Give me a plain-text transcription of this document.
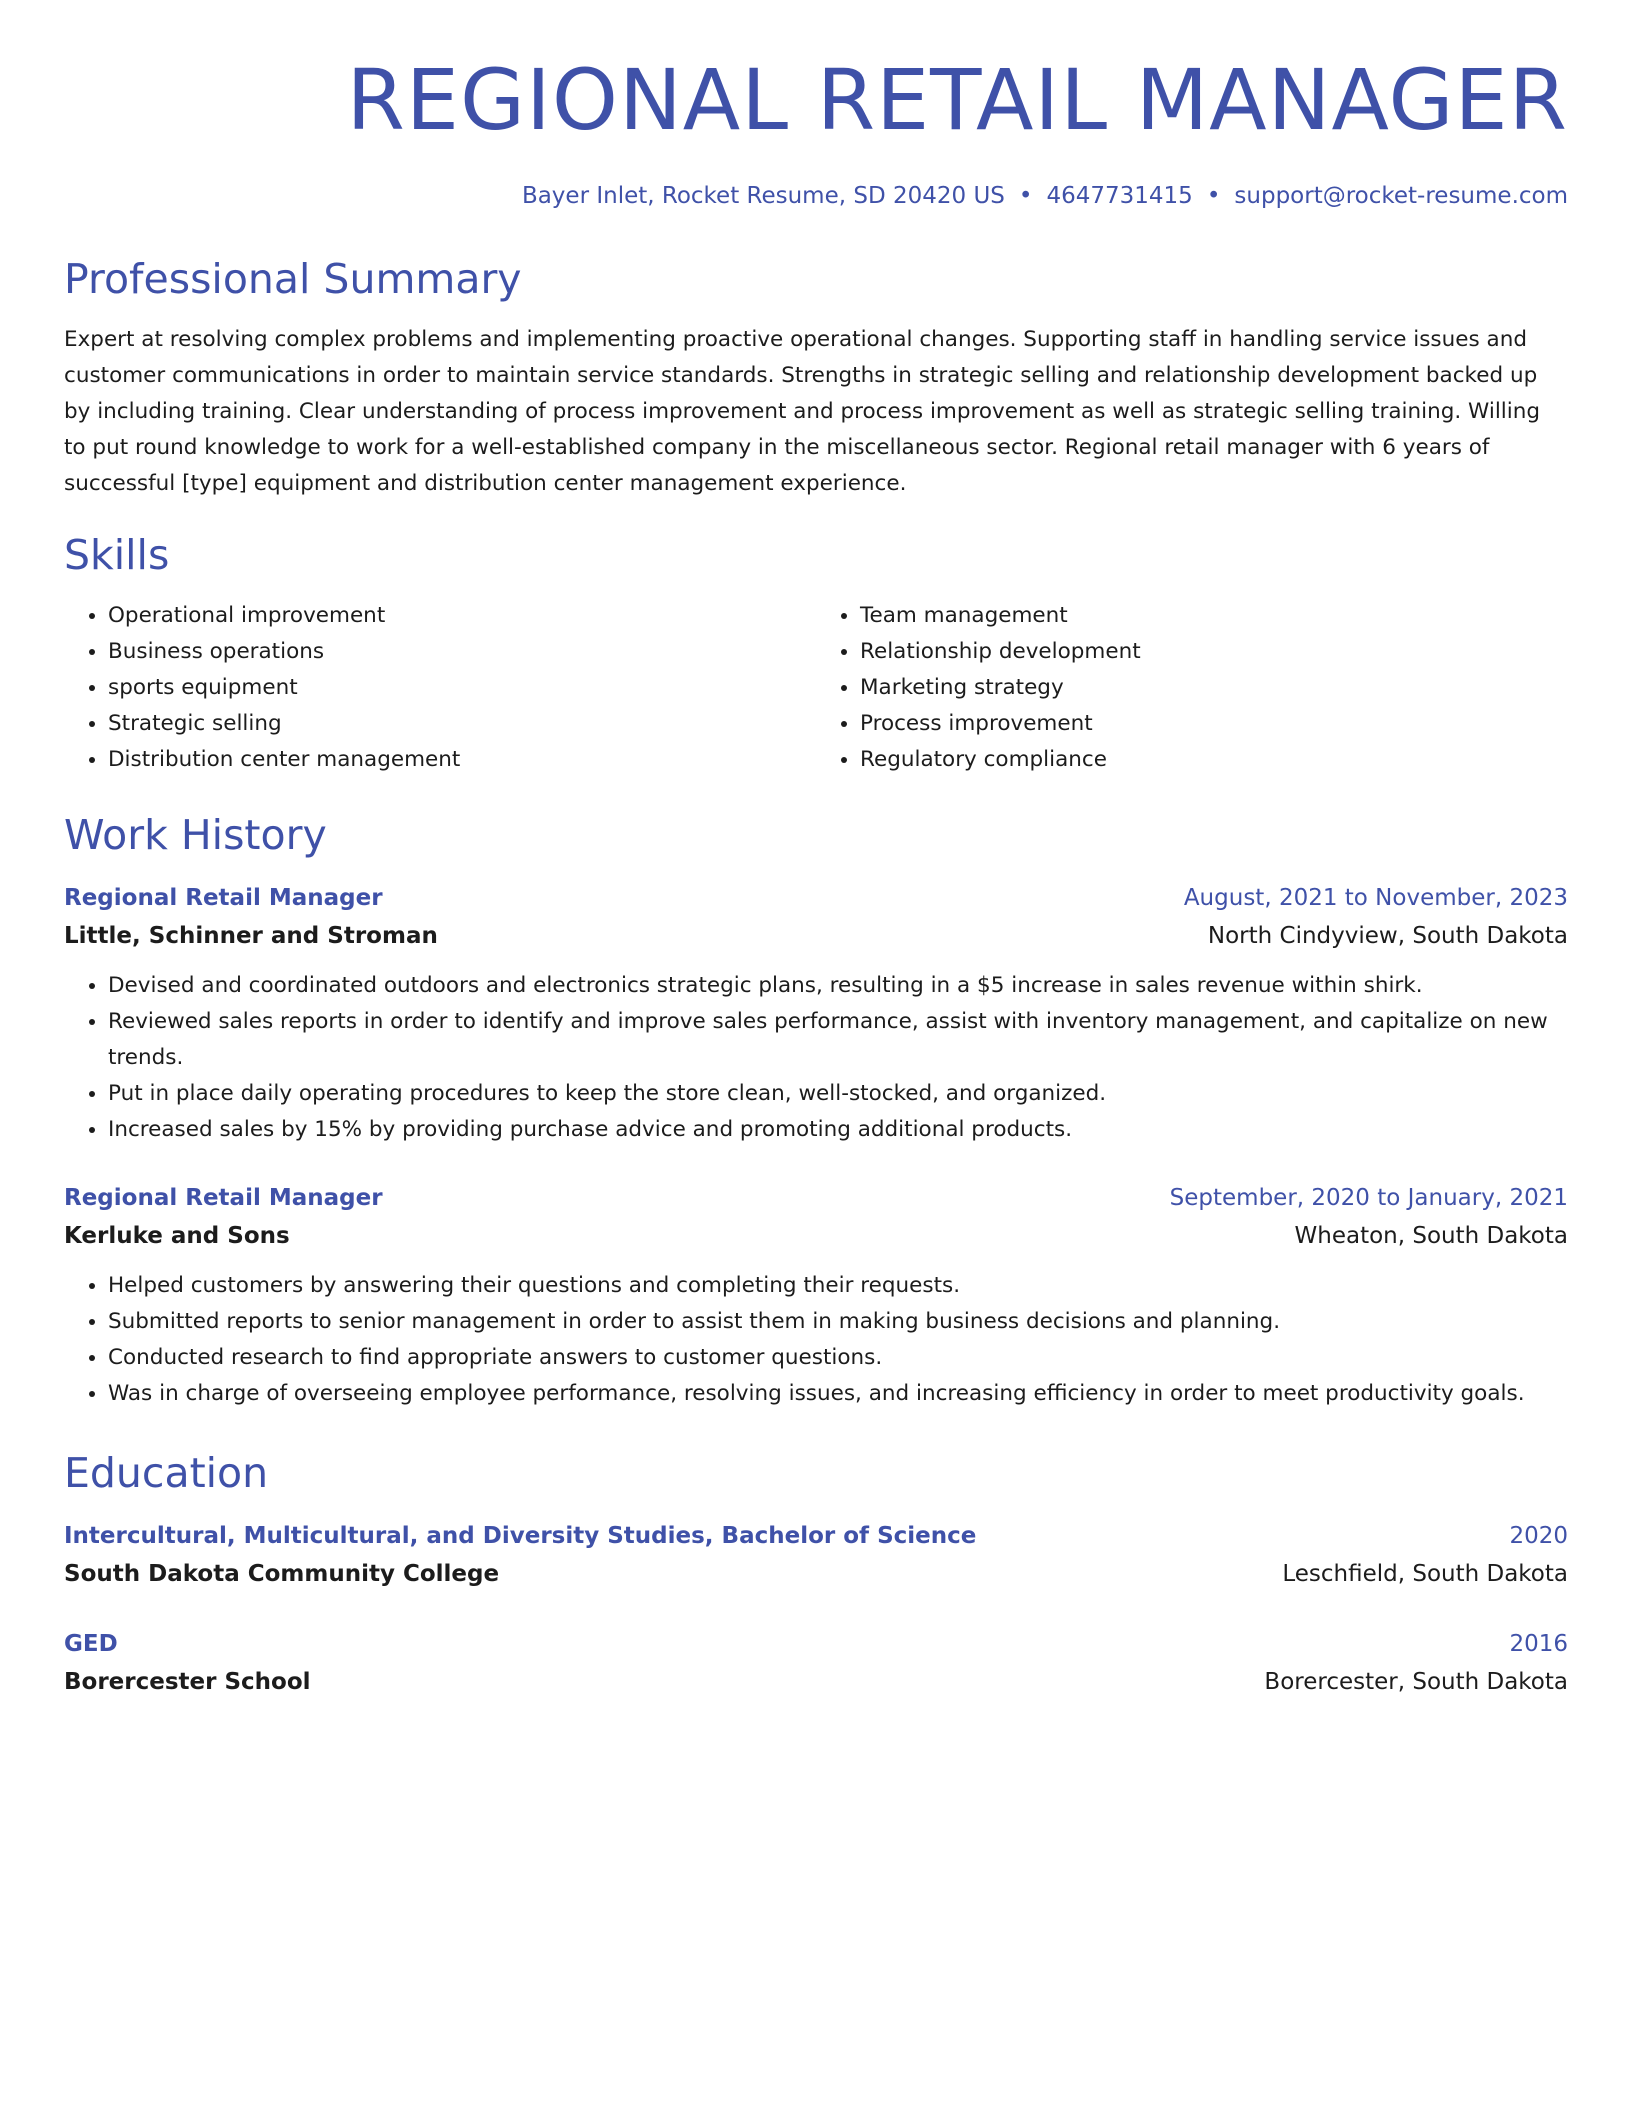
REGIONAL RETAIL MANAGER
Bayer Inlet, Rocket Resume, SD 20420 US • 4647731415 • support@rocket-resume.com
Professional Summary
Expert at resolving complex problems and implementing proactive operational changes. Supporting staff in handling service issues and customer communications in order to maintain service standards. Strengths in strategic selling and relationship development backed up by including training. Clear understanding of process improvement and process improvement as well as strategic selling training. Willing to put round knowledge to work for a well-established company in the miscellaneous sector. Regional retail manager with 6 years of successful [type] equipment and distribution center management experience.
Skills
• Operational improvement
• Business operations
• sports equipment
• Strategic selling
• Distribution center management
• Team management
• Relationship development
• Marketing strategy
• Process improvement
• Regulatory compliance
Work History
Regional Retail Manager	August, 2021 to November, 2023
Little, Schinner and Stroman	North Cindyview, South Dakota
• Devised and coordinated outdoors and electronics strategic plans, resulting in a $5 increase in sales revenue within shirk.
• Reviewed sales reports in order to identify and improve sales performance, assist with inventory management, and capitalize on new trends.
• Put in place daily operating procedures to keep the store clean, well-stocked, and organized.
• Increased sales by 15% by providing purchase advice and promoting additional products.
Regional Retail Manager	September, 2020 to January, 2021
Kerluke and Sons	Wheaton, South Dakota
• Helped customers by answering their questions and completing their requests.
• Submitted reports to senior management in order to assist them in making business decisions and planning.
• Conducted research to find appropriate answers to customer questions.
• Was in charge of overseeing employee performance, resolving issues, and increasing efficiency in order to meet productivity goals.
Education
Intercultural, Multicultural, and Diversity Studies, Bachelor of Science	2020
South Dakota Community College	Leschfield, South Dakota
GED	2016
Borercester School	Borercester, South Dakota
